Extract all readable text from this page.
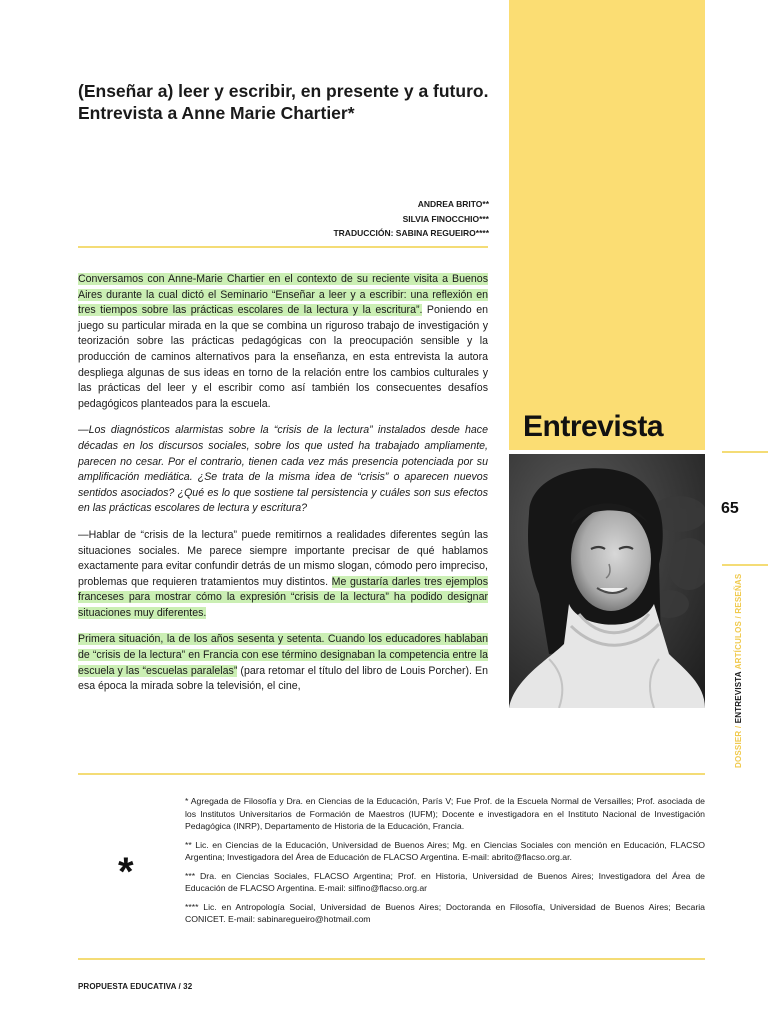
(Enseñar a) leer y escribir, en presente y a futuro. Entrevista a Anne Marie Chartier*
ANDREA BRITO**
SILVIA FINOCCHIO***
TRADUCCIÓN: SABINA REGUEIRO****

Conversamos con Anne-Marie Chartier en el contexto de su reciente visita a Buenos Aires durante la cual dictó el Seminario “Enseñar a leer y a escribir: una reflexión en tres tiempos sobre las prácticas escolares de la lectura y la escritura”. Poniendo en juego su particular mirada en la que se combina un riguroso trabajo de investigación y teorización sobre las prácticas pedagógicas con la preocupación sensible y la producción de caminos alternativos para la enseñanza, en esta entrevista la autora despliega algunas de sus ideas en torno de la relación entre los cambios culturales y las prácticas del leer y el escribir como así también los consecuentes desafíos pedagógicos planteados para la escuela.

—Los diagnósticos alarmistas sobre la “crisis de la lectura” instalados desde hace décadas en los discursos sociales, sobre los que usted ha trabajado ampliamente, parecen no cesar. Por el contrario, tienen cada vez más presencia potenciada por su amplificación mediática. ¿Se trata de la misma idea de “crisis” o aparecen nuevos sentidos asociados? ¿Qué es lo que sostiene tal persistencia y cuáles son sus efectos en las prácticas escolares de lectura y escritura?

—Hablar de “crisis de la lectura” puede remitirnos a realidades diferentes según las situaciones sociales. Me parece siempre importante precisar de qué hablamos exactamente para evitar confundir detrás de un mismo slogan, cómodo pero impreciso, problemas que requieren tratamientos muy distintos. Me gustaría darles tres ejemplos franceses para mostrar cómo la expresión “crisis de la lectura” ha podido designar situaciones muy diferentes.

Primera situación, la de los años sesenta y setenta. Cuando los educadores hablaban de “crisis de la lectura” en Francia con ese término designaban la competencia entre la escuela y las “escuelas paralelas” (para retomar el título del libro de Louis Porcher). En esa época la mirada sobre la televisión, el cine,

Entrevista
65
DOSSIER / ENTREVISTA ARTÍCULOS / RESEÑAS
*

* Agregada de Filosofía y Dra. en Ciencias de la Educación, París V; Fue Prof. de la Escuela Normal de Versailles; Prof. asociada de los Institutos Universitarios de Formación de Maestros (IUFM); Docente e investigadora en el Instituto Nacional de Investigación Pedagógica (INRP), Departamento de Historia de la Educación, Francia.

** Lic. en Ciencias de la Educación, Universidad de Buenos Aires; Mg. en Ciencias Sociales con mención en Educación, FLACSO Argentina; Investigadora del Área de Educación de FLACSO Argentina. E-mail: abrito@flacso.org.ar.

*** Dra. en Ciencias Sociales, FLACSO Argentina; Prof. en Historia, Universidad de Buenos Aires; Investigadora del Área de Educación de FLACSO Argentina. E-mail: silfino@flacso.org.ar

**** Lic. en Antropología Social, Universidad de Buenos Aires; Doctoranda en Filosofía, Universidad de Buenos Aires; Becaria CONICET. E-mail: sabinaregueiro@hotmail.com

PROPUESTA EDUCATIVA / 32
